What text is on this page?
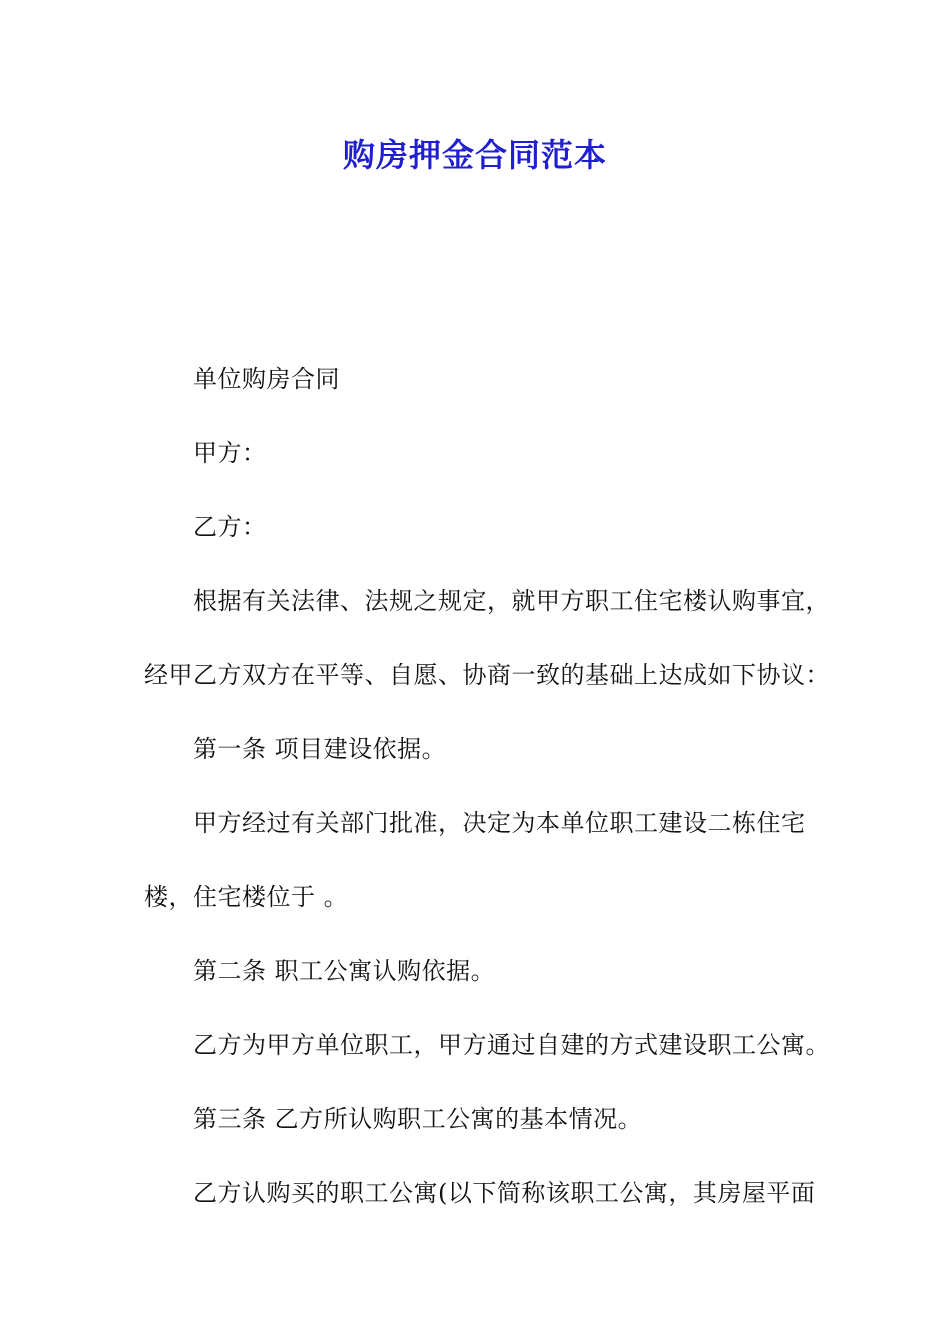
购房押金合同范本
单位购房合同
甲方：
乙方：
根据有关法律、法规之规定，就甲方职工住宅楼认购事宜，
经甲乙方双方在平等、自愿、协商一致的基础上达成如下协议：
第一条 项目建设依据。
甲方经过有关部门批准，决定为本单位职工建设二栋住宅
楼，住宅楼位于 。
第二条 职工公寓认购依据。
乙方为甲方单位职工，甲方通过自建的方式建设职工公寓。
第三条 乙方所认购职工公寓的基本情况。
乙方认购买的职工公寓(以下简称该职工公寓，其房屋平面
